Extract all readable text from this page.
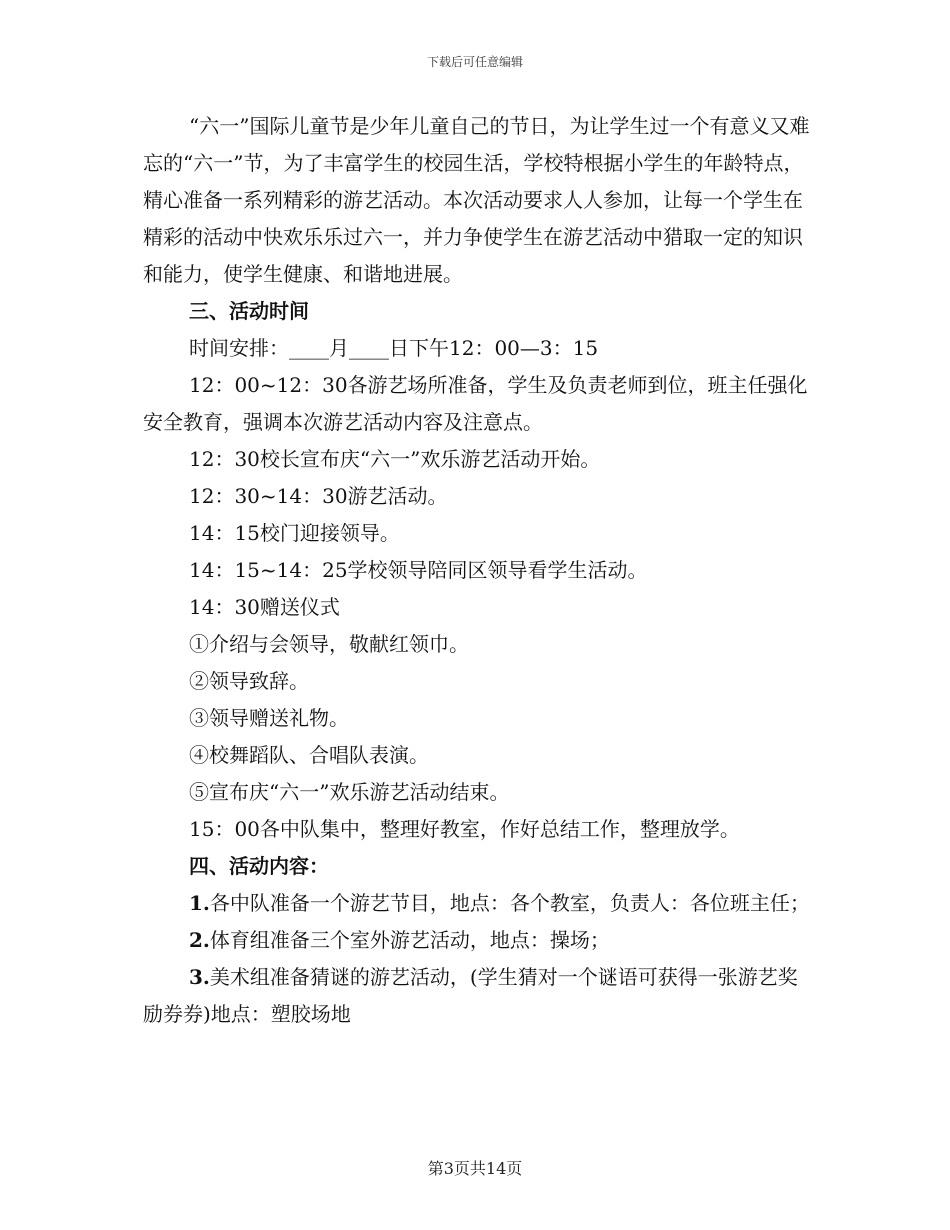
下载后可任意编辑

“六一”国际儿童节是少年儿童自己的节日，为让学生过一个有意义又难忘的“六一”节，为了丰富学生的校园生活，学校特根据小学生的年龄特点，精心准备一系列精彩的游艺活动。本次活动要求人人参加，让每一个学生在精彩的活动中快欢乐乐过六一，并力争使学生在游艺活动中猎取一定的知识和能力，使学生健康、和谐地进展。

三、活动时间

时间安排：____月____日下午12：00—3：15

12：00~12：30各游艺场所准备，学生及负责老师到位，班主任强化安全教育，强调本次游艺活动内容及注意点。

12：30校长宣布庆“六一”欢乐游艺活动开始。

12：30~14：30游艺活动。

14：15校门迎接领导。

14：15~14：25学校领导陪同区领导看学生活动。

14：30赠送仪式

①介绍与会领导，敬献红领巾。

②领导致辞。

③领导赠送礼物。

④校舞蹈队、合唱队表演。

⑤宣布庆“六一”欢乐游艺活动结束。

15：00各中队集中，整理好教室，作好总结工作，整理放学。

四、活动内容：

1.各中队准备一个游艺节目，地点：各个教室，负责人：各位班主任；

2.体育组准备三个室外游艺活动，地点：操场；

3.美术组准备猜谜的游艺活动，(学生猜对一个谜语可获得一张游艺奖励券券)地点：塑胶场地

第3页共14页
